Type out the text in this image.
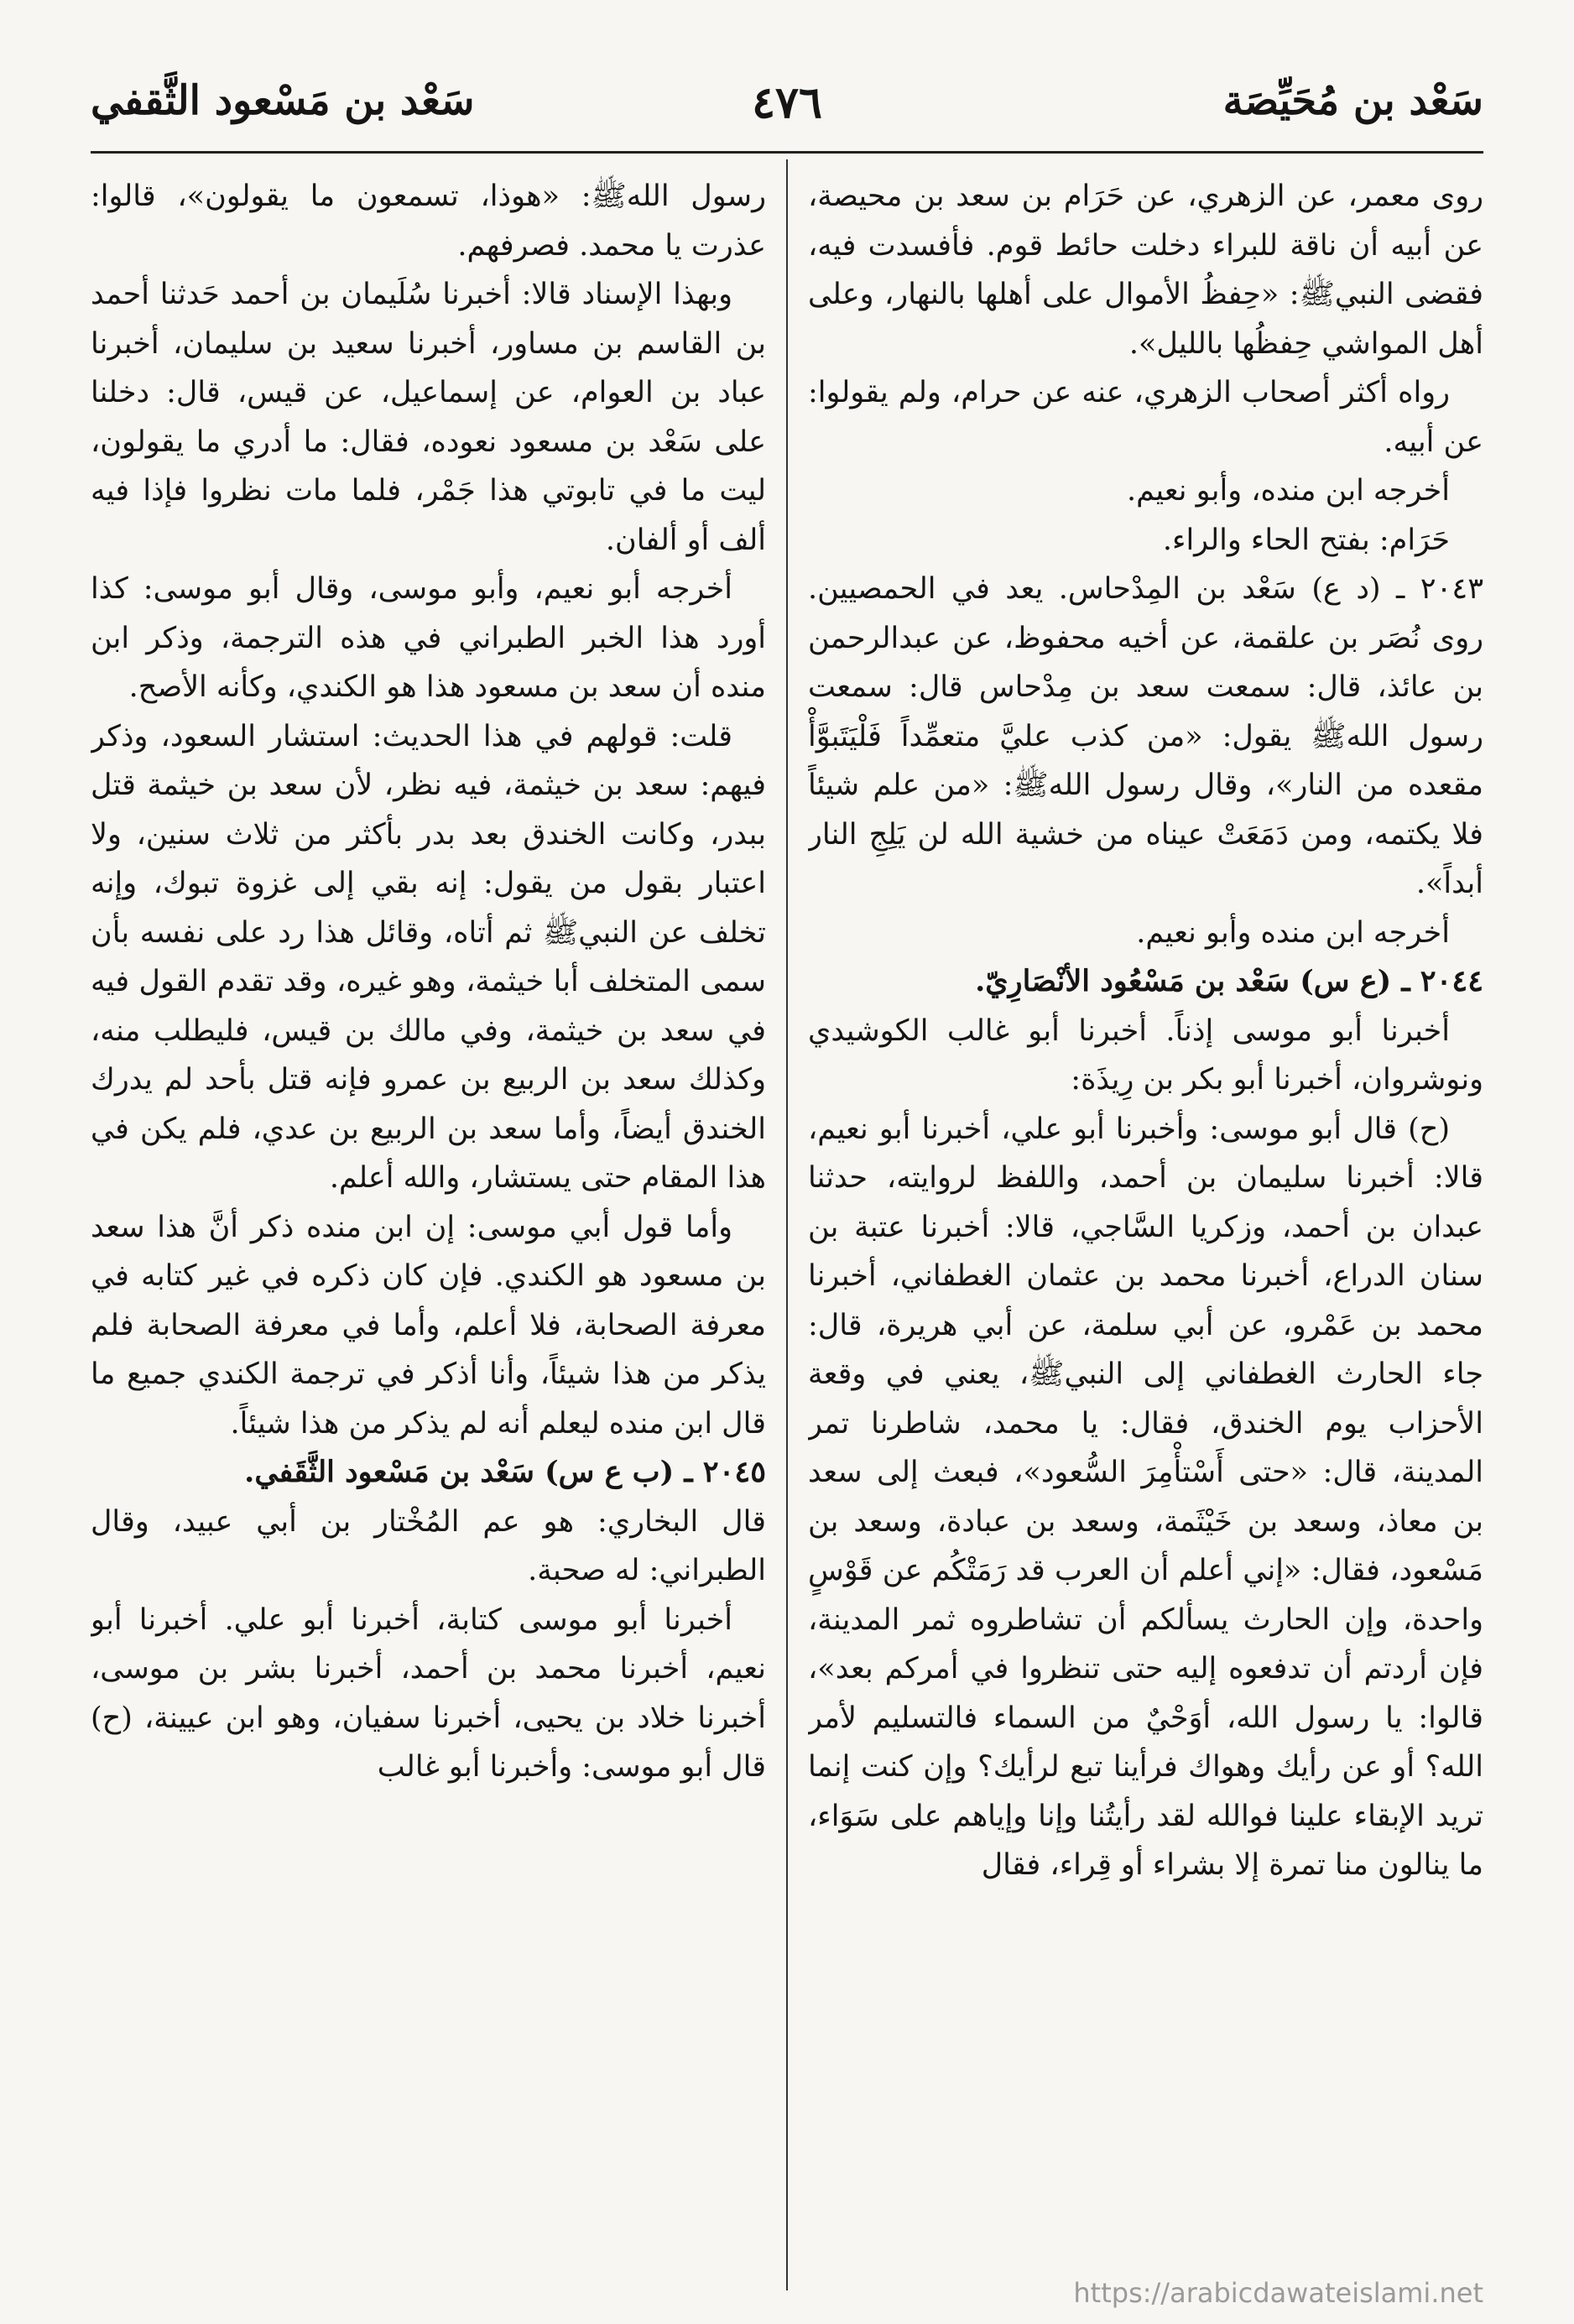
سَعْد بن مُحَيِّصَة
٤٧٦
سَعْد بن مَسْعود الثَّقفي

روى معمر، عن الزهري، عن حَرَام بن سعد بن محيصة، عن أبيه أن ناقة للبراء دخلت حائط قوم. فأفسدت فيه، فقضى النبيﷺ: «حِفظُ الأموال على أهلها بالنهار، وعلى أهل المواشي حِفظُها بالليل».

رواه أكثر أصحاب الزهري، عنه عن حرام، ولم يقولوا: عن أبيه.

أخرجه ابن منده، وأبو نعيم.

حَرَام: بفتح الحاء والراء.

٢٠٤٣ ـ (د ع) سَعْد بن المِدْحاس. يعد في الحمصيين. روى نُصَر بن علقمة، عن أخيه محفوظ، عن عبدالرحمن بن عائذ، قال: سمعت سعد بن مِدْحاس قال: سمعت رسول اللهﷺ يقول: «من كذب عليَّ متعمِّداً فَلْيَتَبوَّأْ مقعده من النار»، وقال رسول اللهﷺ: «من علم شيئاً فلا يكتمه، ومن دَمَعَتْ عيناه من خشية الله لن يَلِجِ النار أبداً».

أخرجه ابن منده وأبو نعيم.

٢٠٤٤ ـ (ع س) سَعْد بن مَسْعُود الأنْصَارِيّ.

أخبرنا أبو موسى إذناً. أخبرنا أبو غالب الكوشيدي ونوشروان، أخبرنا أبو بكر بن رِيذَة:

(ح) قال أبو موسى: وأخبرنا أبو علي، أخبرنا أبو نعيم، قالا: أخبرنا سليمان بن أحمد، واللفظ لروايته، حدثنا عبدان بن أحمد، وزكريا السَّاجي، قالا: أخبرنا عتبة بن سنان الدراع، أخبرنا محمد بن عثمان الغطفاني، أخبرنا محمد بن عَمْرو، عن أبي سلمة، عن أبي هريرة، قال: جاء الحارث الغطفاني إلى النبيﷺ، يعني في وقعة الأحزاب يوم الخندق، فقال: يا محمد، شاطرنا تمر المدينة، قال: «حتى أَسْتأْمِرَ السُّعود»، فبعث إلى سعد بن معاذ، وسعد بن خَيْثَمة، وسعد بن عبادة، وسعد بن مَسْعود، فقال: «إني أعلم أن العرب قد رَمَتْكُم عن قَوْسٍ واحدة، وإن الحارث يسألكم أن تشاطروه ثمر المدينة، فإن أردتم أن تدفعوه إليه حتى تنظروا في أمركم بعد»، قالوا: يا رسول الله، أوَحْيٌ من السماء فالتسليم لأمر الله؟ أو عن رأيك وهواك فرأينا تبع لرأيك؟ وإن كنت إنما تريد الإبقاء علينا فوالله لقد رأيتُنا وإنا وإياهم على سَوَاء، ما ينالون منا تمرة إلا بشراء أو قِراء، فقال

رسول اللهﷺ: «هوذا، تسمعون ما يقولون»، قالوا: عذرت يا محمد. فصرفهم.

وبهذا الإسناد قالا: أخبرنا سُلَيمان بن أحمد حَدثنا أحمد بن القاسم بن مساور، أخبرنا سعيد بن سليمان، أخبرنا عباد بن العوام، عن إسماعيل، عن قيس، قال: دخلنا على سَعْد بن مسعود نعوده، فقال: ما أدري ما يقولون، ليت ما في تابوتي هذا جَمْر، فلما مات نظروا فإذا فيه ألف أو ألفان.

أخرجه أبو نعيم، وأبو موسى، وقال أبو موسى: كذا أورد هذا الخبر الطبراني في هذه الترجمة، وذكر ابن منده أن سعد بن مسعود هذا هو الكندي، وكأنه الأصح.

قلت: قولهم في هذا الحديث: استشار السعود، وذكر فيهم: سعد بن خيثمة، فيه نظر، لأن سعد بن خيثمة قتل ببدر، وكانت الخندق بعد بدر بأكثر من ثلاث سنين، ولا اعتبار بقول من يقول: إنه بقي إلى غزوة تبوك، وإنه تخلف عن النبيﷺ ثم أتاه، وقائل هذا رد على نفسه بأن سمى المتخلف أبا خيثمة، وهو غيره، وقد تقدم القول فيه في سعد بن خيثمة، وفي مالك بن قيس، فليطلب منه، وكذلك سعد بن الربيع بن عمرو فإنه قتل بأحد لم يدرك الخندق أيضاً، وأما سعد بن الربيع بن عدي، فلم يكن في هذا المقام حتى يستشار، والله أعلم.

وأما قول أبي موسى: إن ابن منده ذكر أنَّ هذا سعد بن مسعود هو الكندي. فإن كان ذكره في غير كتابه في معرفة الصحابة، فلا أعلم، وأما في معرفة الصحابة فلم يذكر من هذا شيئاً، وأنا أذكر في ترجمة الكندي جميع ما قال ابن منده ليعلم أنه لم يذكر من هذا شيئاً.

٢٠٤٥ ـ (ب ع س) سَعْد بن مَسْعود الثَّقَفي.

قال البخاري: هو عم المُخْتار بن أبي عبيد، وقال الطبراني: له صحبة.

أخبرنا أبو موسى كتابة، أخبرنا أبو علي. أخبرنا أبو نعيم، أخبرنا محمد بن أحمد، أخبرنا بشر بن موسى، أخبرنا خلاد بن يحيى، أخبرنا سفيان، وهو ابن عيينة، (ح) قال أبو موسى: وأخبرنا أبو غالب

https://arabicdawateislami.net
